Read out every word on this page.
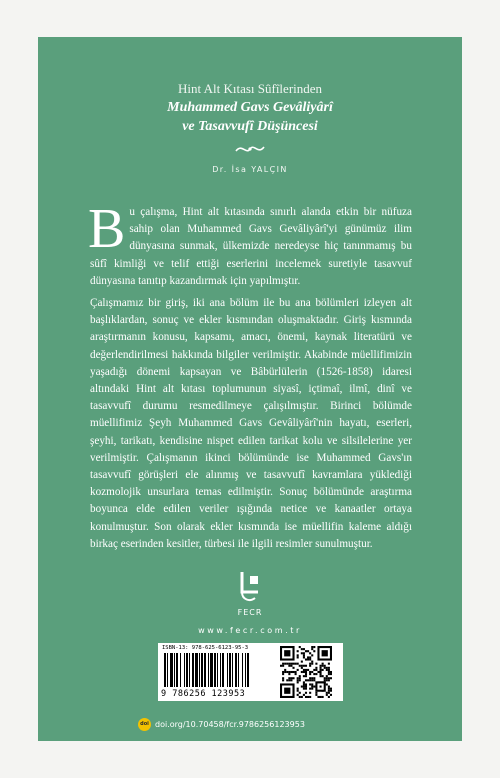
Hint Alt Kıtası Sûfîlerinden
Muhammed Gavs Gevâliyârî
ve Tasavvufî Düşüncesi
Dr. İsa YALÇIN

Bu çalışma, Hint alt kıtasında sınırlı alanda etkin bir nüfuza sahip olan Muhammed Gavs Gevâliyârî'yi günümüz ilim dünyasına sunmak, ülkemizde neredeyse hiç tanınmamış bu sûfî kimliği ve telif ettiği eserlerini incelemek suretiyle tasavvuf dünyasına tanıtıp kazandırmak için yapılmıştır.

Çalışmamız bir giriş, iki ana bölüm ile bu ana bölümleri izleyen alt başlıklardan, sonuç ve ekler kısmından oluşmaktadır. Giriş kısmında araştırmanın konusu, kapsamı, amacı, önemi, kaynak literatürü ve değerlendirilmesi hakkında bilgiler verilmiştir. Akabinde müellifimizin yaşadığı dönemi kapsayan ve Bâbürlülerin (1526-1858) idaresi altındaki Hint alt kıtası toplumunun siyasî, içtimaî, ilmî, dinî ve tasavvufî durumu resmedilmeye çalışılmıştır. Birinci bölümde müellifimiz Şeyh Muhammed Gavs Gevâliyârî'nin hayatı, eserleri, şeyhi, tarikatı, kendisine nispet edilen tarikat kolu ve silsilelerine yer verilmiştir. Çalışmanın ikinci bölümünde ise Muhammed Gavs'ın tasavvufî görüşleri ele alınmış ve tasavvufî kavramlara yüklediği kozmolojik unsurlara temas edilmiştir. Sonuç bölümünde araştırma boyunca elde edilen veriler ışığında netice ve kanaatler ortaya konulmuştur. Son olarak ekler kısmında ise müellifin kaleme aldığı birkaç eserinden kesitler, türbesi ile ilgili resimler sunulmuştur.

FECR
www.fecr.com.tr
ISBN-13: 978-625-6123-95-3
9 786256 123953
doi doi.org/10.70458/fcr.9786256123953
